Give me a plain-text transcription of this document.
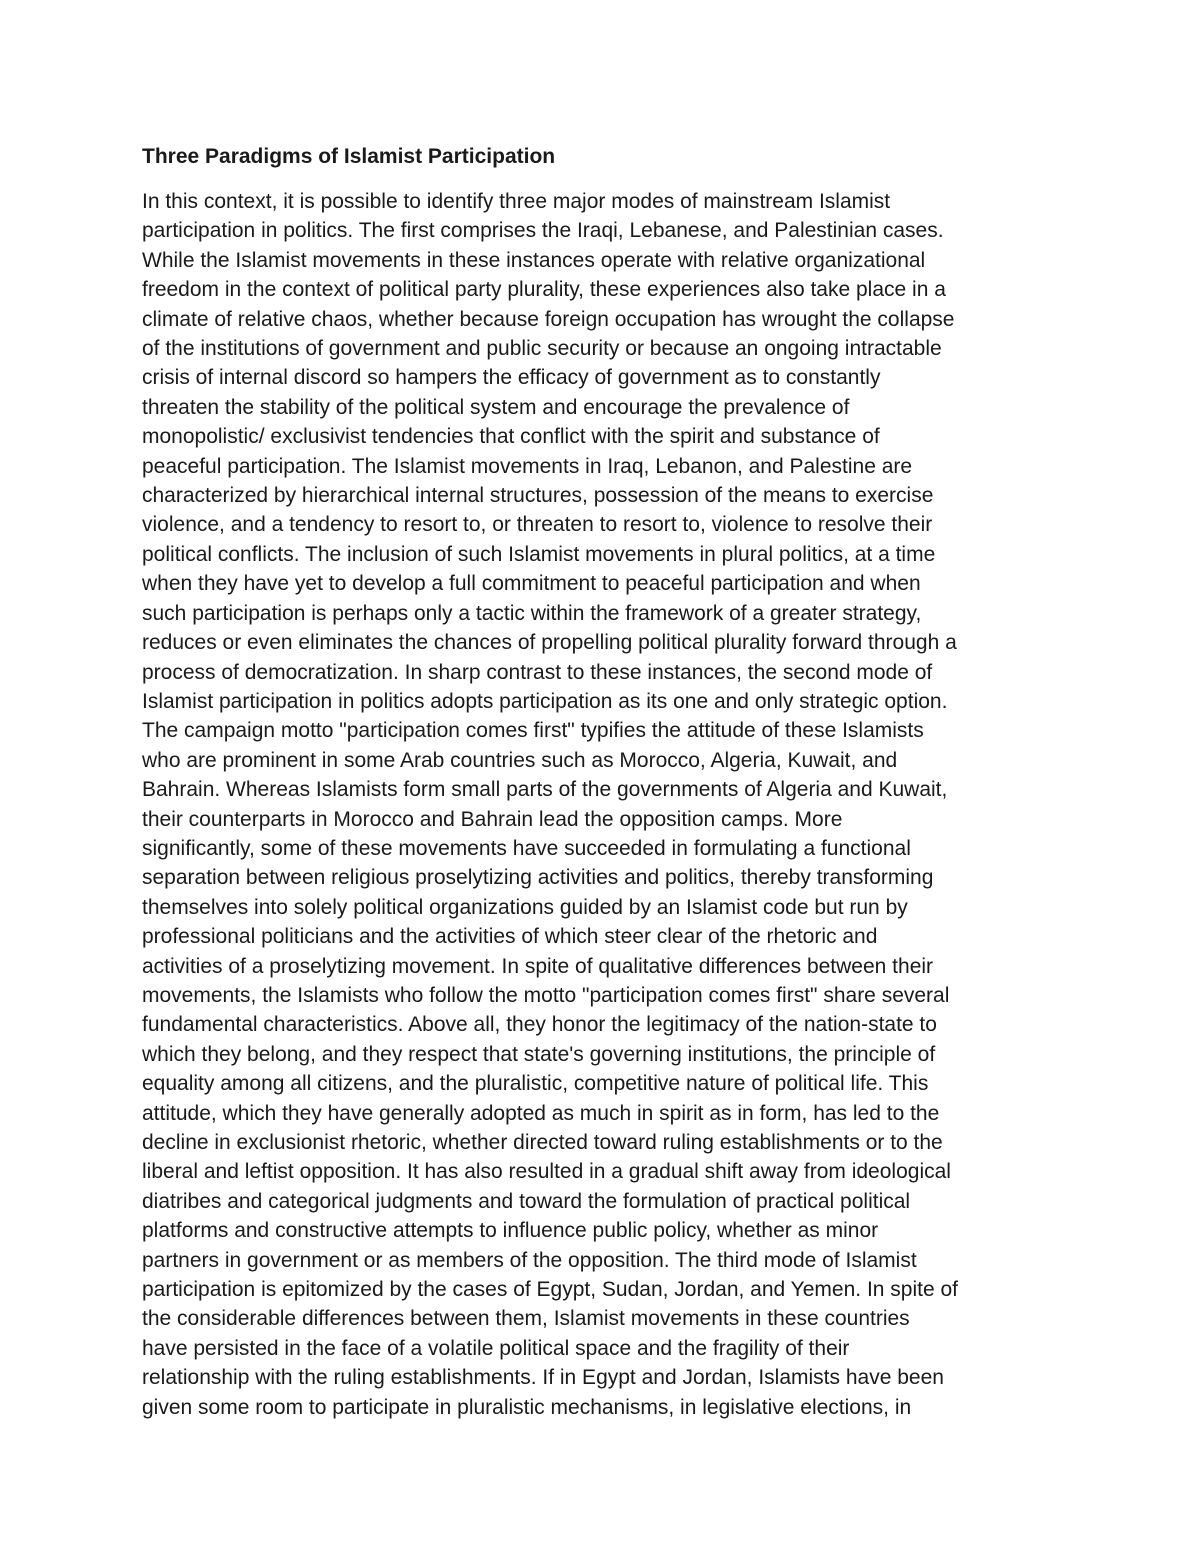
Three Paradigms of Islamist Participation
In this context, it is possible to identify three major modes of mainstream Islamist
participation in politics. The first comprises the Iraqi, Lebanese, and Palestinian cases.
While the Islamist movements in these instances operate with relative organizational
freedom in the context of political party plurality, these experiences also take place in a
climate of relative chaos, whether because foreign occupation has wrought the collapse
of the institutions of government and public security or because an ongoing intractable
crisis of internal discord so hampers the efficacy of government as to constantly
threaten the stability of the political system and encourage the prevalence of
monopolistic/ exclusivist tendencies that conflict with the spirit and substance of
peaceful participation. The Islamist movements in Iraq, Lebanon, and Palestine are
characterized by hierarchical internal structures, possession of the means to exercise
violence, and a tendency to resort to, or threaten to resort to, violence to resolve their
political conflicts. The inclusion of such Islamist movements in plural politics, at a time
when they have yet to develop a full commitment to peaceful participation and when
such participation is perhaps only a tactic within the framework of a greater strategy,
reduces or even eliminates the chances of propelling political plurality forward through a
process of democratization. In sharp contrast to these instances, the second mode of
Islamist participation in politics adopts participation as its one and only strategic option.
The campaign motto "participation comes first" typifies the attitude of these Islamists
who are prominent in some Arab countries such as Morocco, Algeria, Kuwait, and
Bahrain. Whereas Islamists form small parts of the governments of Algeria and Kuwait,
their counterparts in Morocco and Bahrain lead the opposition camps. More
significantly, some of these movements have succeeded in formulating a functional
separation between religious proselytizing activities and politics, thereby transforming
themselves into solely political organizations guided by an Islamist code but run by
professional politicians and the activities of which steer clear of the rhetoric and
activities of a proselytizing movement. In spite of qualitative differences between their
movements, the Islamists who follow the motto "participation comes first" share several
fundamental characteristics. Above all, they honor the legitimacy of the nation-state to
which they belong, and they respect that state's governing institutions, the principle of
equality among all citizens, and the pluralistic, competitive nature of political life. This
attitude, which they have generally adopted as much in spirit as in form, has led to the
decline in exclusionist rhetoric, whether directed toward ruling establishments or to the
liberal and leftist opposition. It has also resulted in a gradual shift away from ideological
diatribes and categorical judgments and toward the formulation of practical political
platforms and constructive attempts to influence public policy, whether as minor
partners in government or as members of the opposition. The third mode of Islamist
participation is epitomized by the cases of Egypt, Sudan, Jordan, and Yemen. In spite of
the considerable differences between them, Islamist movements in these countries
have persisted in the face of a volatile political space and the fragility of their
relationship with the ruling establishments. If in Egypt and Jordan, Islamists have been
given some room to participate in pluralistic mechanisms, in legislative elections, in
